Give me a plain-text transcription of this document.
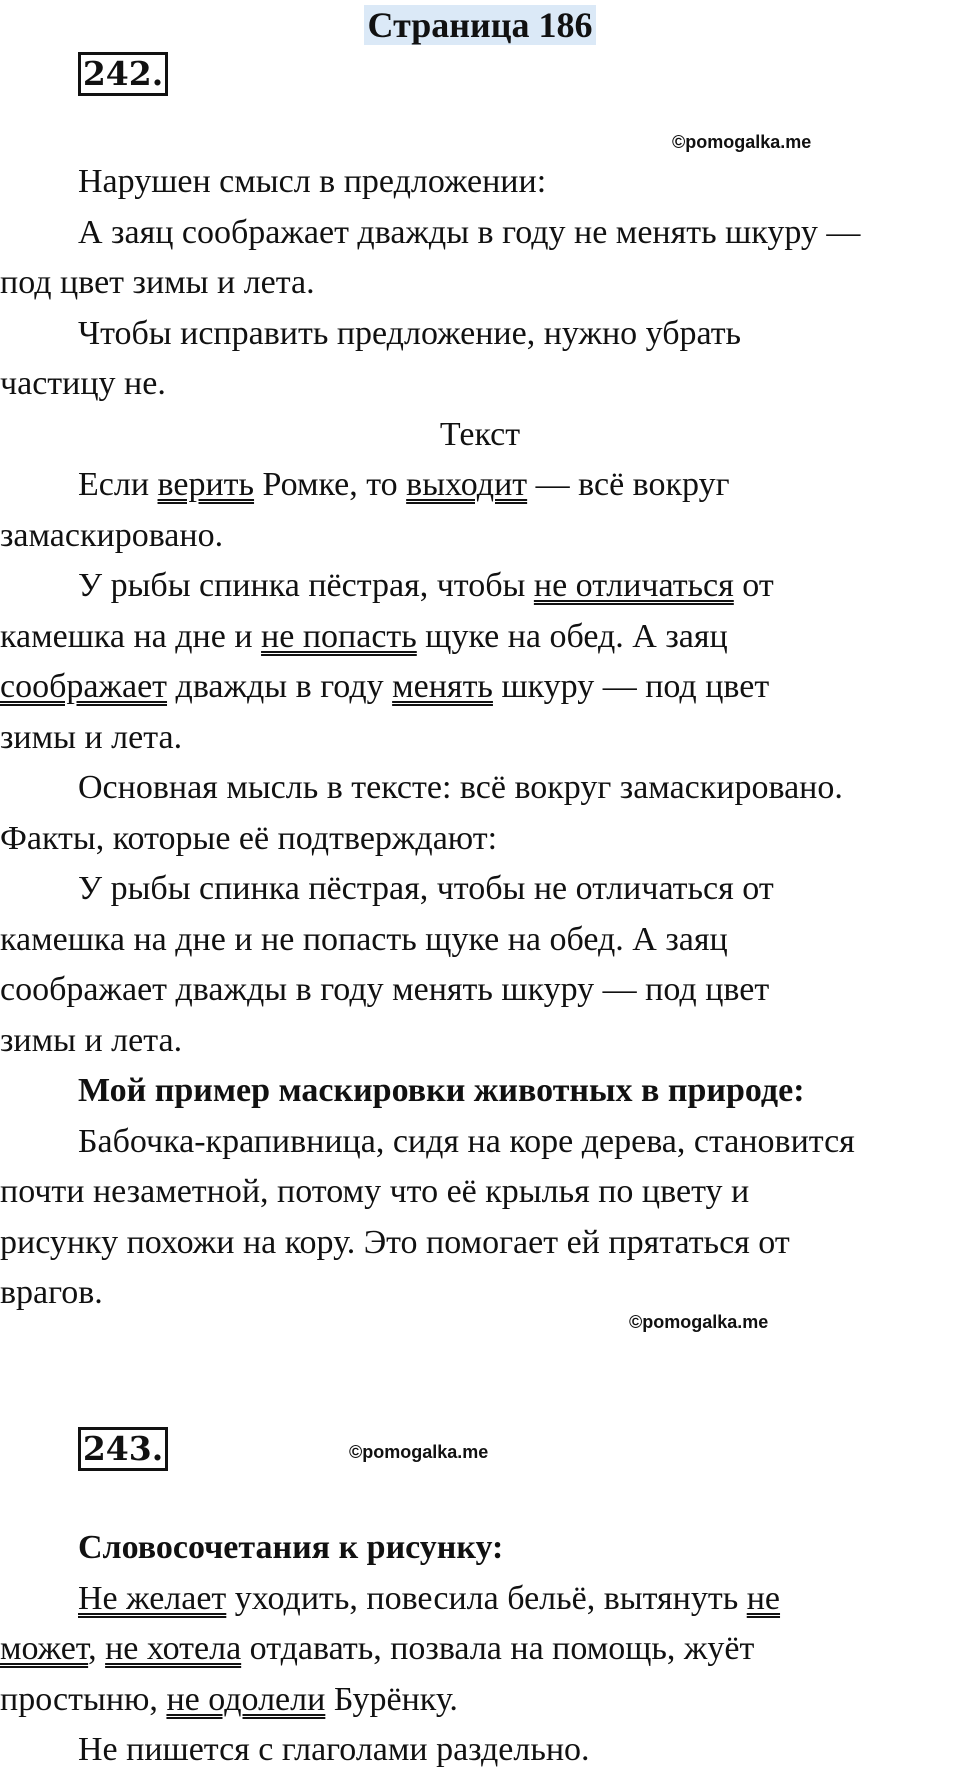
Страница 186
242.
©pomogalka.me

Нарушен смысл в предложении:

А заяц соображает дважды в году не менять шкуру —

под цвет зимы и лета.

Чтобы исправить предложение, нужно убрать

частицу не.

Текст

Если верить Ромке, то выходит — всё вокруг

замаскировано.

У рыбы спинка пёстрая, чтобы не отличаться от

камешка на дне и не попасть щуке на обед. А заяц

соображает дважды в году менять шкуру — под цвет

зимы и лета.

Основная мысль в тексте: всё вокруг замаскировано.

Факты, которые её подтверждают:

У рыбы спинка пёстрая, чтобы не отличаться от

камешка на дне и не попасть щуке на обед. А заяц

соображает дважды в году менять шкуру — под цвет

зимы и лета.

Мой пример маскировки животных в природе:

Бабочка-крапивница, сидя на коре дерева, становится

почти незаметной, потому что её крылья по цвету и

рисунку похожи на кору. Это помогает ей прятаться от

врагов.

©pomogalka.me
243.	©pomogalka.me

Словосочетания к рисунку:

Не желает уходить, повесила бельё, вытянуть не

может, не хотела отдавать, позвала на помощь, жуёт

простыню, не одолели Бурёнку.

Не пишется с глаголами раздельно.
